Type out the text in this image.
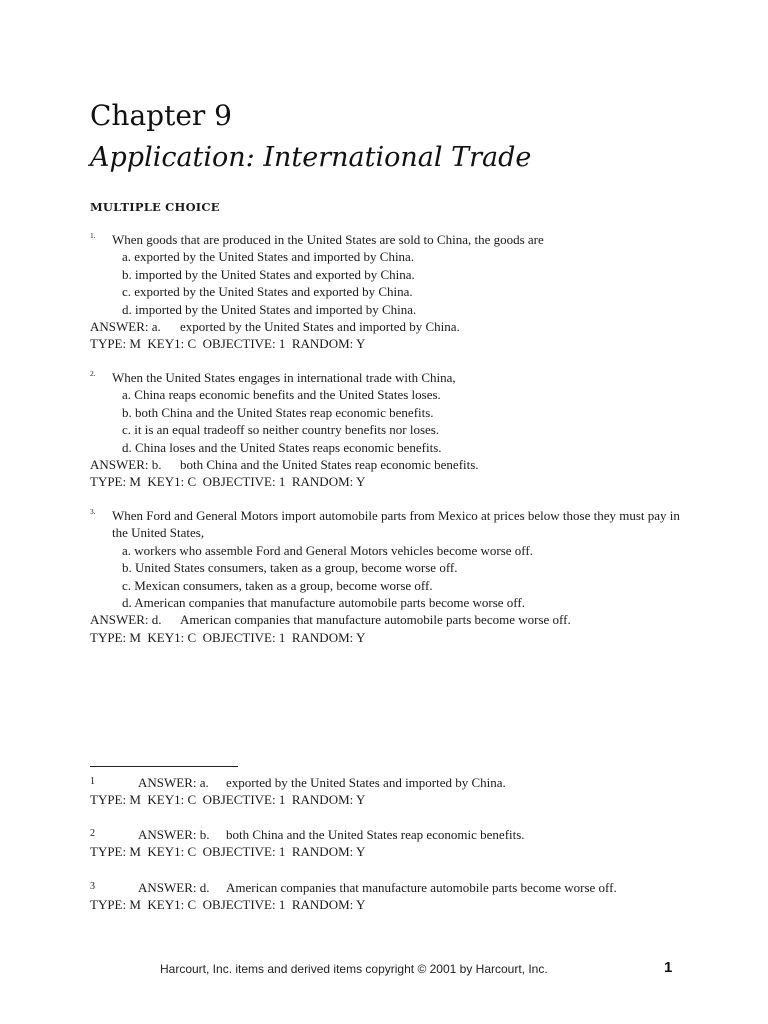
Chapter 9
Application: International Trade
MULTIPLE CHOICE
1. When goods that are produced in the United States are sold to China, the goods are
a. exported by the United States and imported by China.
b. imported by the United States and exported by China.
c. exported by the United States and exported by China.
d. imported by the United States and imported by China.
ANSWER: a. exported by the United States and imported by China.
TYPE: M  KEY1: C  OBJECTIVE: 1  RANDOM: Y
2. When the United States engages in international trade with China,
a. China reaps economic benefits and the United States loses.
b. both China and the United States reap economic benefits.
c. it is an equal tradeoff so neither country benefits nor loses.
d. China loses and the United States reaps economic benefits.
ANSWER: b. both China and the United States reap economic benefits.
TYPE: M  KEY1: C  OBJECTIVE: 1  RANDOM: Y
3. When Ford and General Motors import automobile parts from Mexico at prices below those they must pay in the United States,
a. workers who assemble Ford and General Motors vehicles become worse off.
b. United States consumers, taken as a group, become worse off.
c. Mexican consumers, taken as a group, become worse off.
d. American companies that manufacture automobile parts become worse off.
ANSWER: d. American companies that manufacture automobile parts become worse off.
TYPE: M  KEY1: C  OBJECTIVE: 1  RANDOM: Y
1	ANSWER: a. exported by the United States and imported by China.
TYPE: M  KEY1: C  OBJECTIVE: 1  RANDOM: Y
2	ANSWER: b. both China and the United States reap economic benefits.
TYPE: M  KEY1: C  OBJECTIVE: 1  RANDOM: Y
3	ANSWER: d. American companies that manufacture automobile parts become worse off.
TYPE: M  KEY1: C  OBJECTIVE: 1  RANDOM: Y
Harcourt, Inc. items and derived items copyright © 2001 by Harcourt, Inc.	1
